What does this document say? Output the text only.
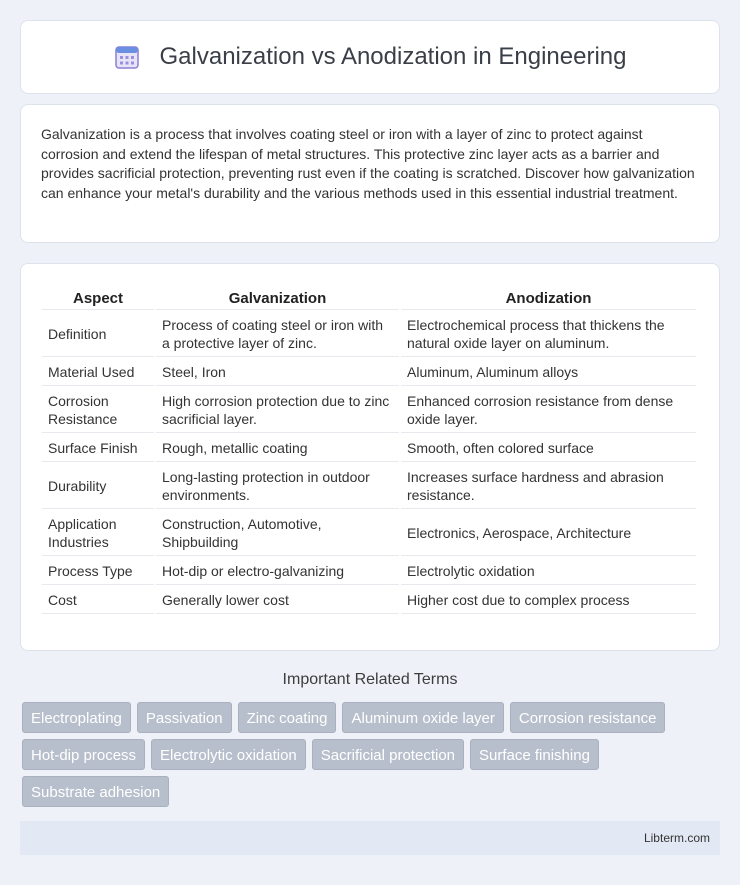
Galvanization vs Anodization in Engineering

Galvanization is a process that involves coating steel or iron with a layer of zinc to protect against corrosion and extend the lifespan of metal structures. This protective zinc layer acts as a barrier and provides sacrificial protection, preventing rust even if the coating is scratched. Discover how galvanization can enhance your metal's durability and the various methods used in this essential industrial treatment.

Aspect	Galvanization	Anodization
Definition	Process of coating steel or iron with a protective layer of zinc.	Electrochemical process that thickens the natural oxide layer on aluminum.
Material Used	Steel, Iron	Aluminum, Aluminum alloys
Corrosion Resistance	High corrosion protection due to zinc sacrificial layer.	Enhanced corrosion resistance from dense oxide layer.
Surface Finish	Rough, metallic coating	Smooth, often colored surface
Durability	Long-lasting protection in outdoor environments.	Increases surface hardness and abrasion resistance.
Application Industries	Construction, Automotive, Shipbuilding	Electronics, Aerospace, Architecture
Process Type	Hot-dip or electro-galvanizing	Electrolytic oxidation
Cost	Generally lower cost	Higher cost due to complex process
Important Related Terms
Electroplating	Passivation	Zinc coating	Aluminum oxide layer	Corrosion resistance
Hot-dip process	Electrolytic oxidation	Sacrificial protection	Surface finishing
Substrate adhesion
Libterm.com
